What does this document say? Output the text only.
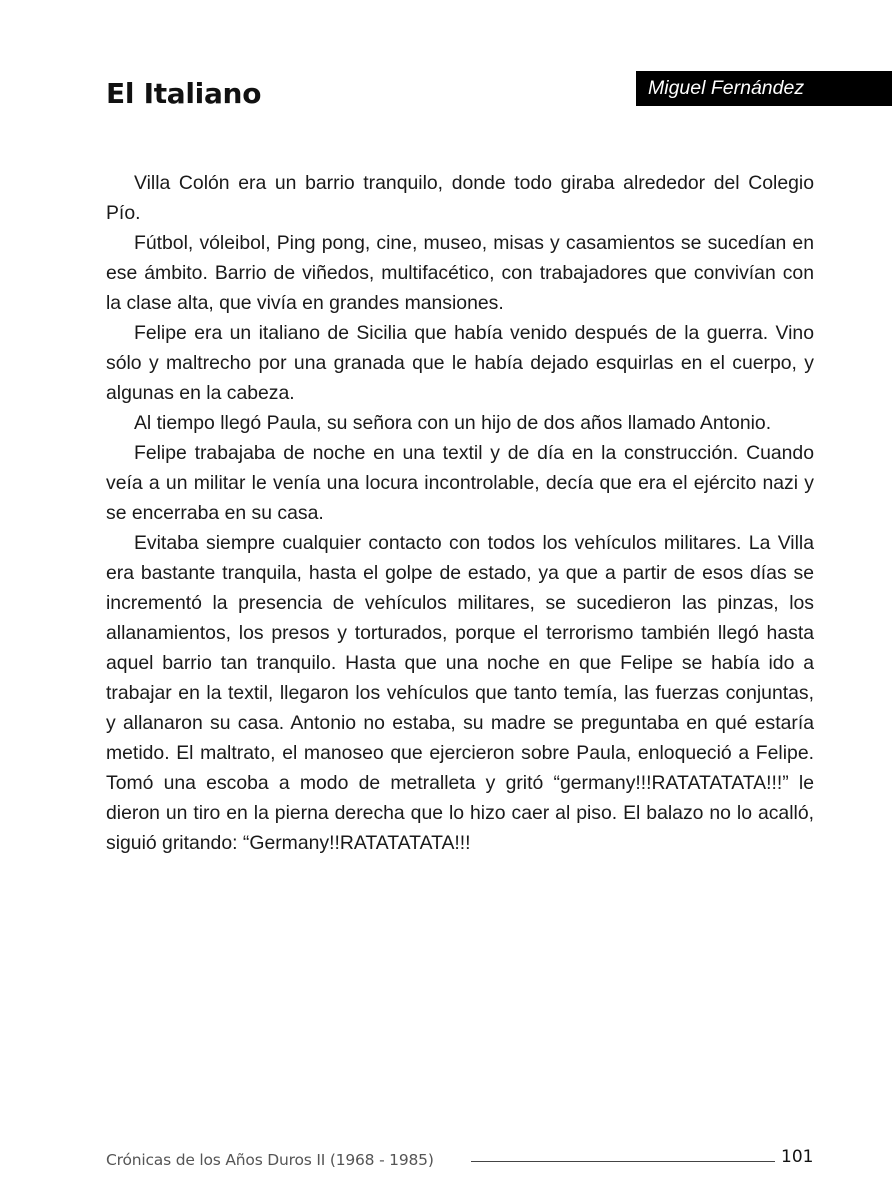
El Italiano	Miguel Fernández

Villa Colón era un barrio tranquilo, donde todo giraba alrededor del Colegio Pío.

Fútbol, vóleibol, Ping pong, cine, museo, misas y casamientos se sucedían en ese ámbito. Barrio de viñedos, multifacético, con trabajadores que convivían con la clase alta, que vivía en grandes mansiones.

Felipe era un italiano de Sicilia que había venido después de la guerra. Vino sólo y maltrecho por una granada que le había dejado esquirlas en el cuerpo, y algunas en la cabeza.

Al tiempo llegó Paula, su señora con un hijo de dos años llamado Antonio.

Felipe trabajaba de noche en una textil y de día en la construcción. Cuando veía a un militar le venía una locura incontrolable, decía que era el ejército nazi y se encerraba en su casa.

Evitaba siempre cualquier contacto con todos los vehículos militares. La Villa era bastante tranquila, hasta el golpe de estado, ya que a partir de esos días se incrementó la presencia de vehículos militares, se sucedieron las pinzas, los allanamientos, los presos y torturados, porque el terrorismo también llegó hasta aquel barrio tan tranquilo. Hasta que una noche en que Felipe se había ido a trabajar en la textil, llegaron los vehículos que tanto temía, las fuerzas conjuntas, y allanaron su casa. Antonio no estaba, su madre se preguntaba en qué estaría metido. El maltrato, el manoseo que ejercieron sobre Paula, enloqueció a Felipe. Tomó una escoba a modo de metralleta y gritó “germany!!!RATATATATA!!!” le dieron un tiro en la pierna derecha que lo hizo caer al piso. El balazo no lo acalló, siguió gritando: “Germany!!RATATATATA!!!

Crónicas de los Años Duros II (1968 - 1985)	101
